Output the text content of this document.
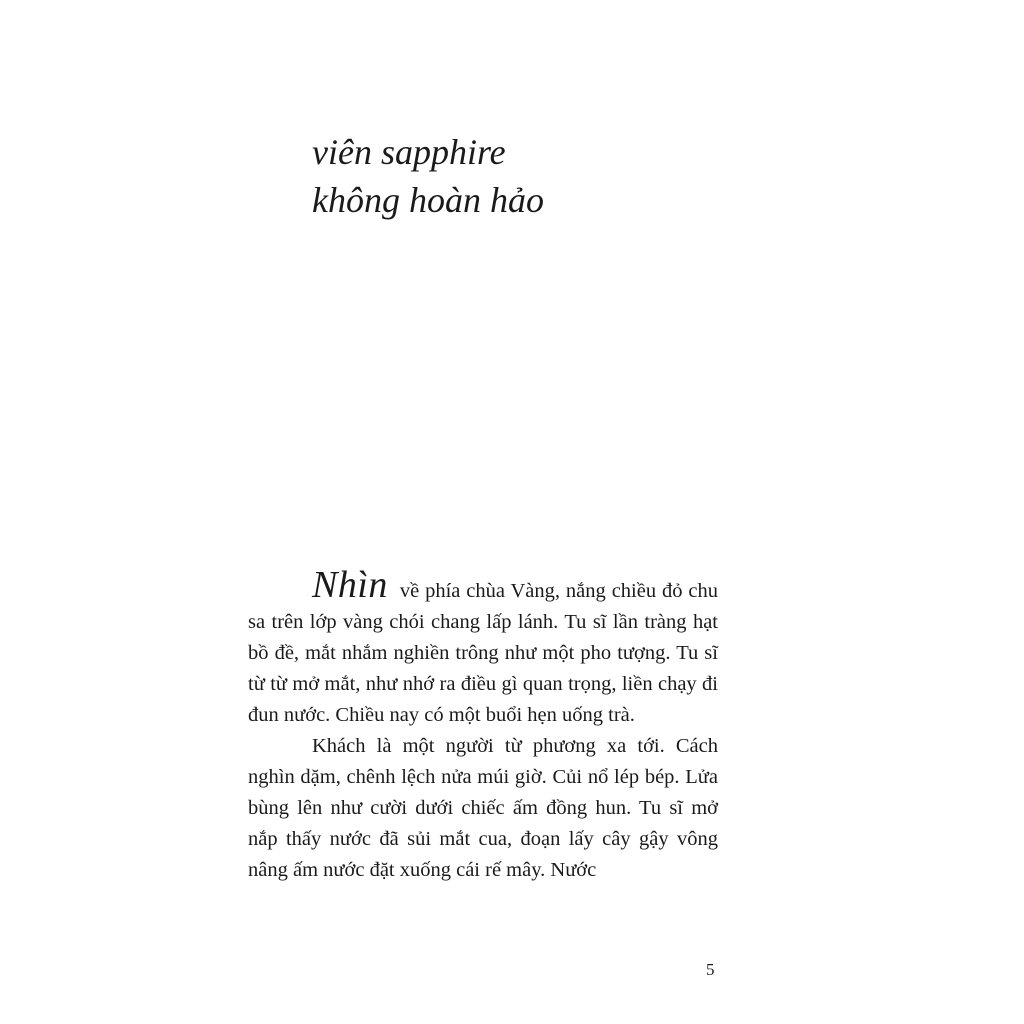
viên sapphire
không hoàn hảo

Nhìn về phía chùa Vàng, nắng chiều đỏ chu sa trên lớp vàng chói chang lấp lánh. Tu sĩ lần tràng hạt bồ đề, mắt nhắm nghiền trông như một pho tượng. Tu sĩ từ từ mở mắt, như nhớ ra điều gì quan trọng, liền chạy đi đun nước. Chiều nay có một buổi hẹn uống trà.

Khách là một người từ phương xa tới. Cách nghìn dặm, chênh lệch nửa múi giờ. Củi nổ lép bép. Lửa bùng lên như cười dưới chiếc ấm đồng hun. Tu sĩ mở nắp thấy nước đã sủi mắt cua, đoạn lấy cây gậy vông nâng ấm nước đặt xuống cái rế mây. Nước

5
